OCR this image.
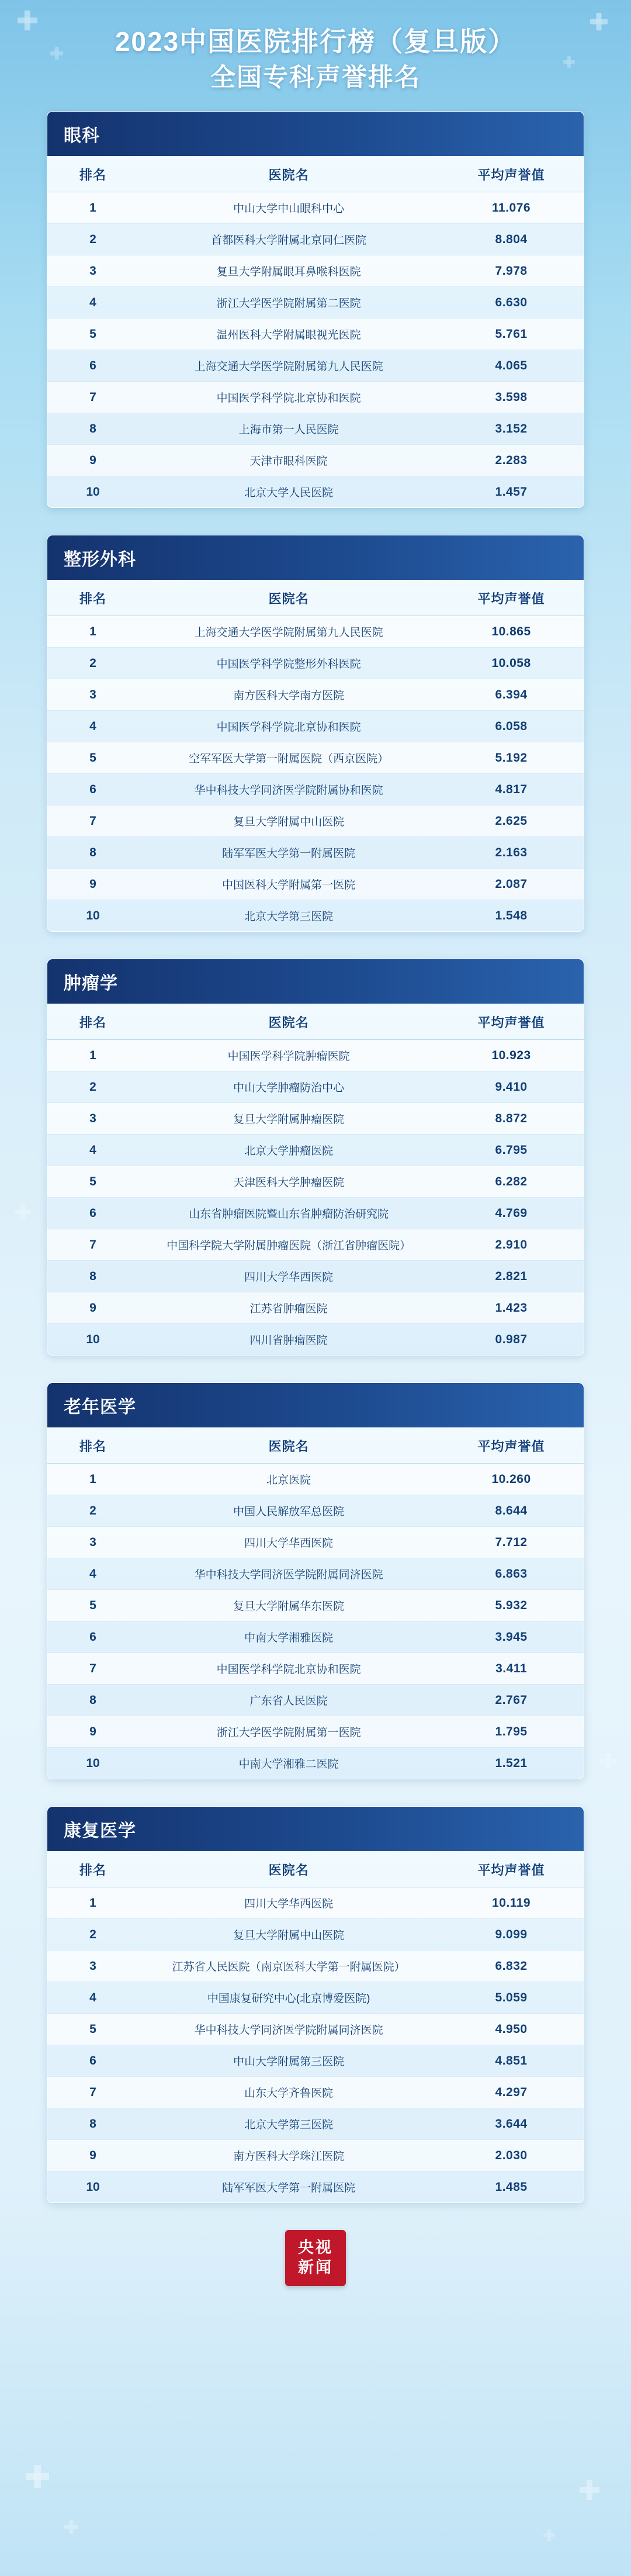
2023中国医院排行榜（复旦版）
全国专科声誉排名
眼科
排名	医院名	平均声誉值
1	中山大学中山眼科中心	11.076
2	首都医科大学附属北京同仁医院	8.804
3	复旦大学附属眼耳鼻喉科医院	7.978
4	浙江大学医学院附属第二医院	6.630
5	温州医科大学附属眼视光医院	5.761
6	上海交通大学医学院附属第九人民医院	4.065
7	中国医学科学院北京协和医院	3.598
8	上海市第一人民医院	3.152
9	天津市眼科医院	2.283
10	北京大学人民医院	1.457
整形外科
排名	医院名	平均声誉值
1	上海交通大学医学院附属第九人民医院	10.865
2	中国医学科学院整形外科医院	10.058
3	南方医科大学南方医院	6.394
4	中国医学科学院北京协和医院	6.058
5	空军军医大学第一附属医院（西京医院）	5.192
6	华中科技大学同济医学院附属协和医院	4.817
7	复旦大学附属中山医院	2.625
8	陆军军医大学第一附属医院	2.163
9	中国医科大学附属第一医院	2.087
10	北京大学第三医院	1.548
肿瘤学
排名	医院名	平均声誉值
1	中国医学科学院肿瘤医院	10.923
2	中山大学肿瘤防治中心	9.410
3	复旦大学附属肿瘤医院	8.872
4	北京大学肿瘤医院	6.795
5	天津医科大学肿瘤医院	6.282
6	山东省肿瘤医院暨山东省肿瘤防治研究院	4.769
7	中国科学院大学附属肿瘤医院（浙江省肿瘤医院）	2.910
8	四川大学华西医院	2.821
9	江苏省肿瘤医院	1.423
10	四川省肿瘤医院	0.987
老年医学
排名	医院名	平均声誉值
1	北京医院	10.260
2	中国人民解放军总医院	8.644
3	四川大学华西医院	7.712
4	华中科技大学同济医学院附属同济医院	6.863
5	复旦大学附属华东医院	5.932
6	中南大学湘雅医院	3.945
7	中国医学科学院北京协和医院	3.411
8	广东省人民医院	2.767
9	浙江大学医学院附属第一医院	1.795
10	中南大学湘雅二医院	1.521
康复医学
排名	医院名	平均声誉值
1	四川大学华西医院	10.119
2	复旦大学附属中山医院	9.099
3	江苏省人民医院（南京医科大学第一附属医院）	6.832
4	中国康复研究中心(北京博爱医院)	5.059
5	华中科技大学同济医学院附属同济医院	4.950
6	中山大学附属第三医院	4.851
7	山东大学齐鲁医院	4.297
8	北京大学第三医院	3.644
9	南方医科大学珠江医院	2.030
10	陆军军医大学第一附属医院	1.485
央视
新闻
